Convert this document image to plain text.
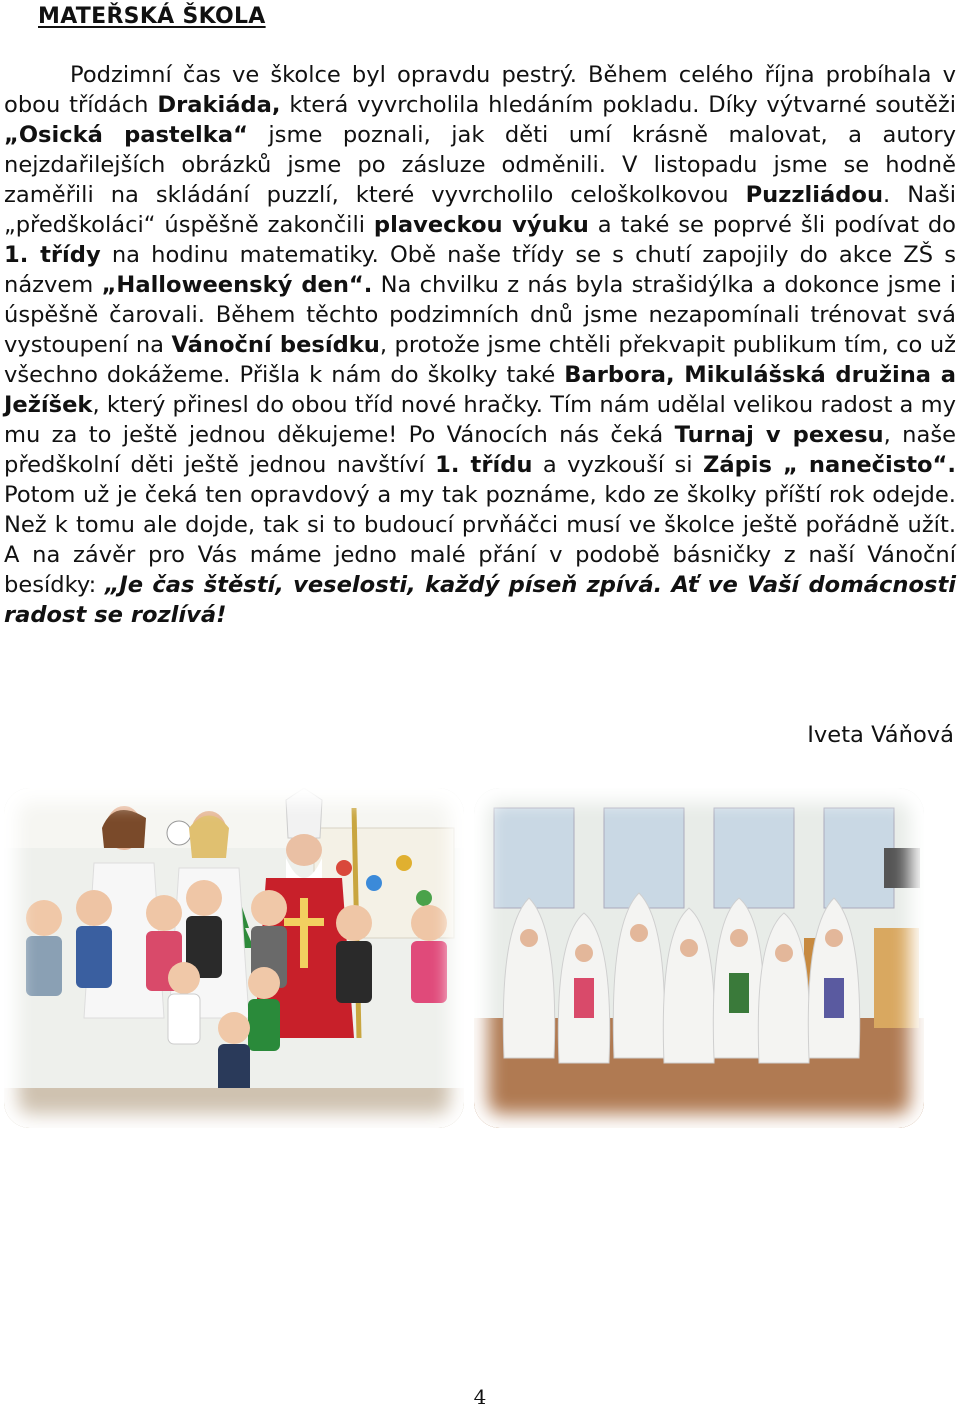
MATEŘSKÁ ŠKOLA

Podzimní čas ve školce byl opravdu pestrý. Během celého října probíhala v obou třídách Drakiáda, která vyvrcholila hledáním pokladu. Díky výtvarné soutěži „Osická pastelka“ jsme poznali, jak děti umí krásně malovat, a autory nejzdařilejších obrázků jsme po zásluze odměnili. V listopadu jsme se hodně zaměřili na skládání puzzlí, které vyvrcholilo celoškolkovou Puzzliádou. Naši „předškoláci“ úspěšně zakončili plaveckou výuku a také se poprvé šli podívat do 1. třídy na hodinu matematiky. Obě naše třídy se s chutí zapojily do akce ZŠ s názvem „Halloweenský den“. Na chvilku z nás byla strašidýlka a dokonce jsme i úspěšně čarovali. Během těchto podzimních dnů jsme nezapomínali trénovat svá vystoupení na Vánoční besídku, protože jsme chtěli překvapit publikum tím, co už všechno dokážeme. Přišla k nám do školky také Barbora, Mikulášská družina a Ježíšek, který přinesl do obou tříd nové hračky. Tím nám udělal velikou radost a my mu za to ještě jednou děkujeme! Po Vánocích nás čeká Turnaj v pexesu, naše předškolní děti ještě jednou navštíví 1. třídu a vyzkouší si Zápis „ nanečisto“. Potom už je čeká ten opravdový a my tak poznáme, kdo ze školky příští rok odejde. Než k tomu ale dojde, tak si to budoucí prvňáčci musí ve školce ještě pořádně užít. A na závěr pro Vás máme jedno malé přání v podobě básničky z naší Vánoční besídky: „Je čas štěstí, veselosti, každý píseň zpívá. Ať ve Vaší domácnosti radost se rozlívá!

Iveta Váňová

4
